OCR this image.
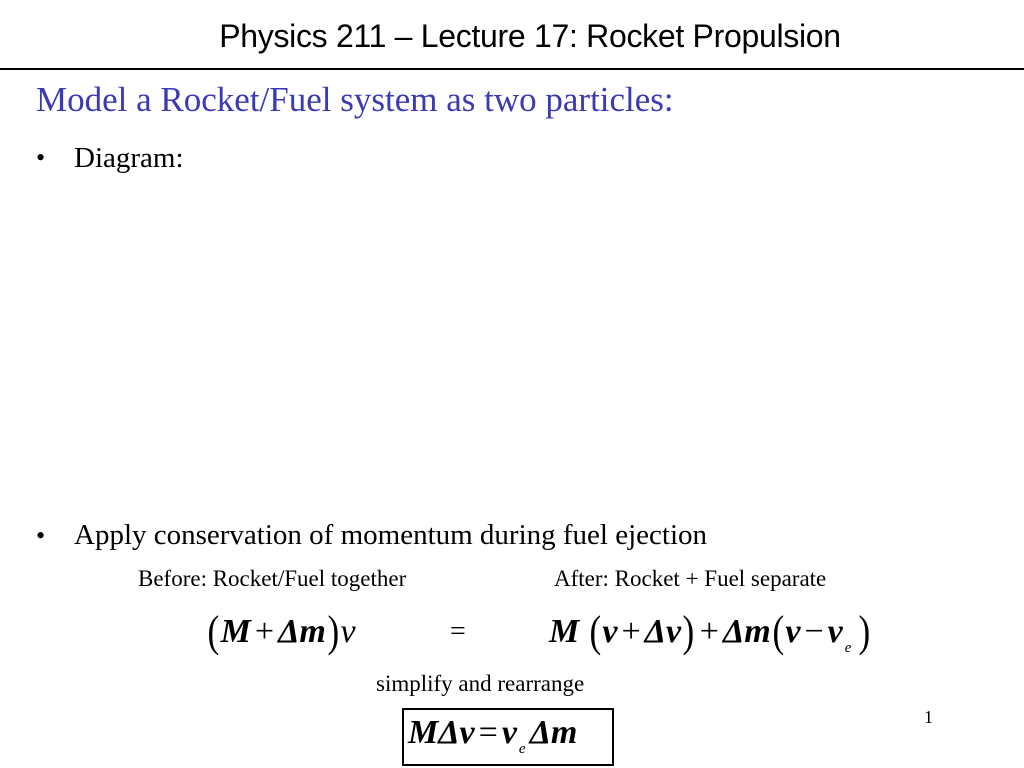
Physics 211 – Lecture 17: Rocket Propulsion
Model a Rocket/Fuel system as two particles:
• Diagram:
• Apply conservation of momentum during fuel ejection
Before: Rocket/Fuel together	After: Rocket + Fuel separate
(M + Δm)v	= M (v + Δv) + Δm(v − v $_e$ )
simplify and rearrange
MΔv = v $_e$ Δm	1
